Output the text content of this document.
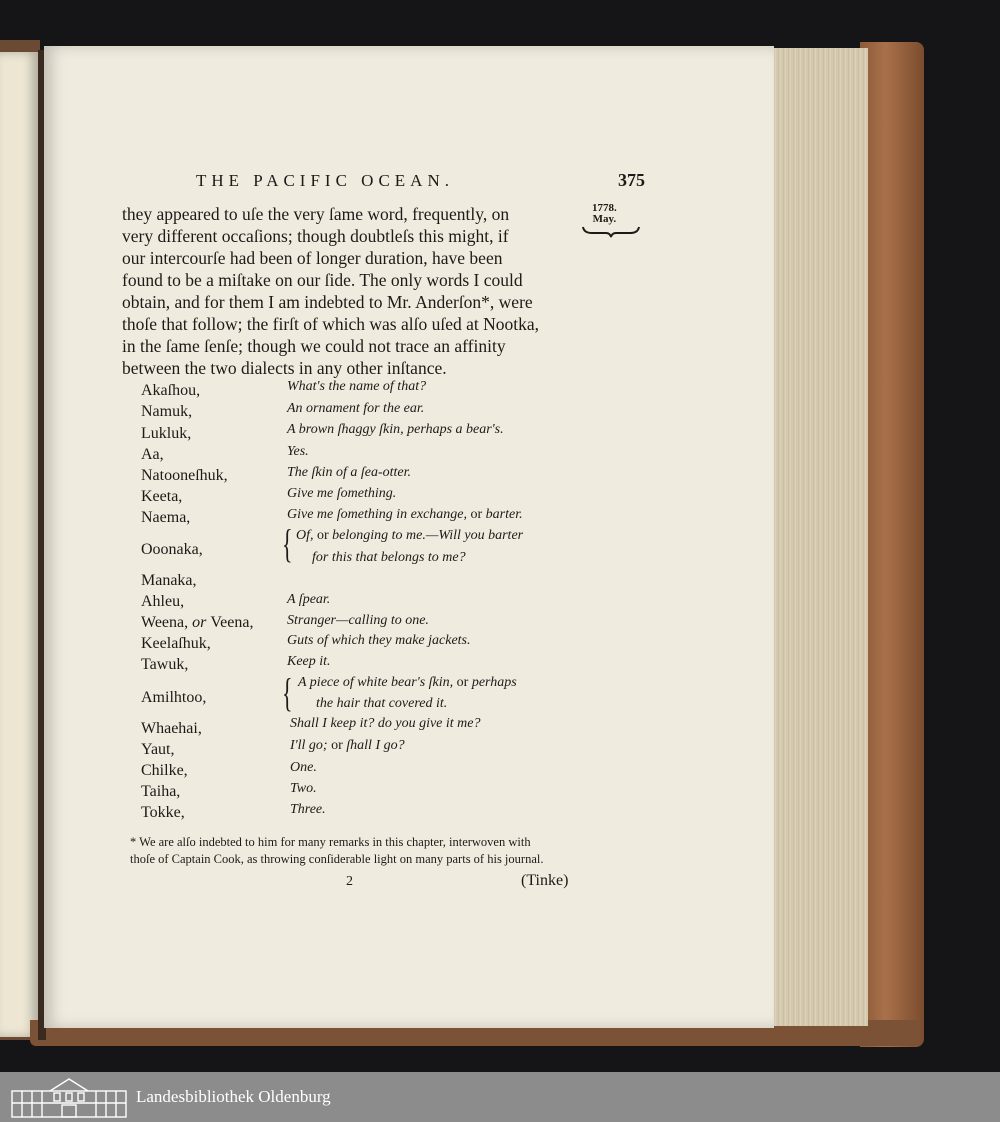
THE PACIFIC OCEAN.	375
1778.
May.
they appeared to uſe the very ſame word, frequently, on
very different occaſions; though doubtleſs this might, if
our intercourſe had been of longer duration, have been
found to be a miſtake on our ſide. The only words I could
obtain, and for them I am indebted to Mr. Anderſon*, were
thoſe that follow; the firſt of which was alſo uſed at Nootka,
in the ſame ſenſe; though we could not trace an affinity
between the two dialects in any other inſtance.
Akaſhou,	What's the name of that?
Namuk,	An ornament for the ear.
Lukluk,	A brown ſhaggy ſkin, perhaps a bear's.
Aa,	Yes.
Natooneſhuk,	The ſkin of a ſea-otter.
Keeta,	Give me ſomething.
Naema,	Give me ſomething in exchange, or barter.
Ooonaka, { Of, or belonging to me.—Will you barter
for this that belongs to me?
Manaka,
Ahleu,	A ſpear.
Weena, or Veena, Stranger—calling to one.
Keelaſhuk,	Guts of which they make jackets.
Tawuk,	Keep it.
Amilhtoo, { A piece of white bear's ſkin, or perhaps
the hair that covered it.
Whaehai,	Shall I keep it? do you give it me?
Yaut,	I'll go; or ſhall I go?
Chilke,	One.
Taiha,	Two.
Tokke,	Three.
* We are alſo indebted to him for many remarks in this chapter, interwoven with
thoſe of Captain Cook, as throwing conſiderable light on many parts of his journal.
2	(Tinke)
Landesbibliothek Oldenburg
